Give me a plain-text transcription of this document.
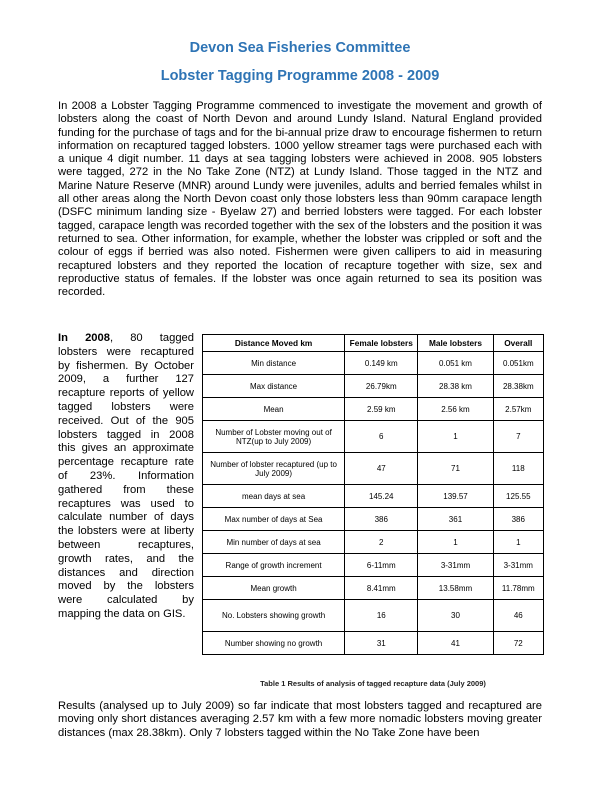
Devon Sea Fisheries Committee
Lobster Tagging Programme 2008 - 2009
In 2008 a Lobster Tagging Programme commenced to investigate the movement and growth of lobsters along the coast of North Devon and around Lundy Island. Natural England provided funding for the purchase of tags and for the bi-annual prize draw to encourage fishermen to return information on recaptured tagged lobsters. 1000 yellow streamer tags were purchased each with a unique 4 digit number. 11 days at sea tagging lobsters were achieved in 2008. 905 lobsters were tagged, 272 in the No Take Zone (NTZ) at Lundy Island. Those tagged in the NTZ and Marine Nature Reserve (MNR) around Lundy were juveniles, adults and berried females whilst in all other areas along the North Devon coast only those lobsters less than 90mm carapace length (DSFC minimum landing size - Byelaw 27) and berried lobsters were tagged. For each lobster tagged, carapace length was recorded together with the sex of the lobsters and the position it was returned to sea. Other information, for example, whether the lobster was crippled or soft and the colour of eggs if berried was also noted. Fishermen were given callipers to aid in measuring recaptured lobsters and they reported the location of recapture together with size, sex and reproductive status of females. If the lobster was once again returned to sea its position was recorded.
In 2008, 80 tagged lobsters were recaptured by fishermen. By October 2009, a further 127 recapture reports of yellow tagged lobsters were received. Out of the 905 lobsters tagged in 2008 this gives an approximate percentage recapture rate of 23%. Information gathered from these recaptures was used to calculate number of days the lobsters were at liberty between recaptures, growth rates, and the distances and direction moved by the lobsters were calculated by mapping the data on GIS.
Distance Moved km	Female lobsters	Male lobsters	Overall
Min distance	0.149 km	0.051 km	0.051km
Max distance	26.79km	28.38 km	28.38km
Mean	2.59 km	2.56 km	2.57km
Number of Lobster moving out of NTZ(up to July 2009)	6	1	7
Number of lobster recaptured (up to July 2009)	47	71	118
mean days at sea	145.24	139.57	125.55
Max number of days at Sea	386	361	386
Min number of days at sea	2	1	1
Range of growth increment	6-11mm	3-31mm	3-31mm
Mean growth	8.41mm	13.58mm	11.78mm
No. Lobsters showing growth	16	30	46
Number showing no growth	31	41	72
Table 1 Results of analysis of tagged recapture data (July 2009)
Results (analysed up to July 2009) so far indicate that most lobsters tagged and recaptured are moving only short distances averaging 2.57 km with a few more nomadic lobsters moving greater distances (max 28.38km). Only 7 lobsters tagged within the No Take Zone have been
